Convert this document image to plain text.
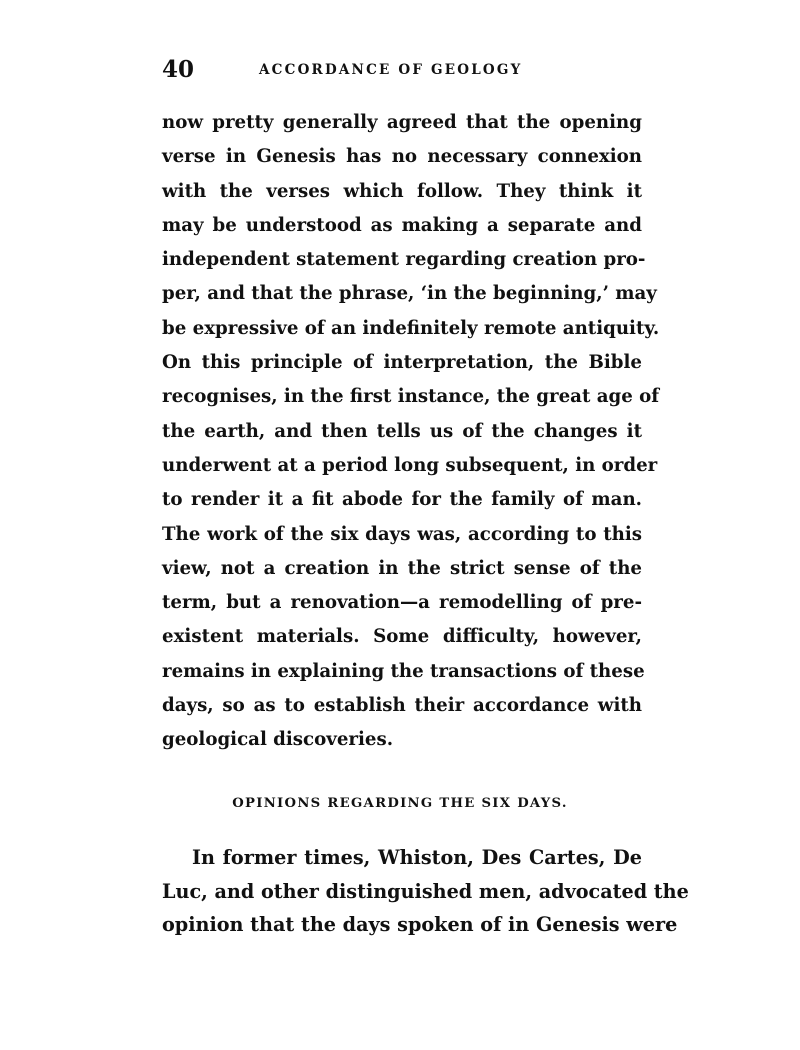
40	ACCORDANCE OF GEOLOGY
now pretty generally agreed that the opening
verse in Genesis has no necessary connexion
with the verses which follow. They think it
may be understood as making a separate and
independent statement regarding creation pro-
per, and that the phrase, ‘in the beginning,’ may
be expressive of an indefinitely remote antiquity.
On this principle of interpretation, the Bible
recognises, in the first instance, the great age of
the earth, and then tells us of the changes it
underwent at a period long subsequent, in order
to render it a fit abode for the family of man.
The work of the six days was, according to this
view, not a creation in the strict sense of the
term, but a renovation—a remodelling of pre-
existent materials. Some difficulty, however,
remains in explaining the transactions of these
days, so as to establish their accordance with
geological discoveries.
OPINIONS REGARDING THE SIX DAYS.
In former times, Whiston, Des Cartes, De
Luc, and other distinguished men, advocated the
opinion that the days spoken of in Genesis were
